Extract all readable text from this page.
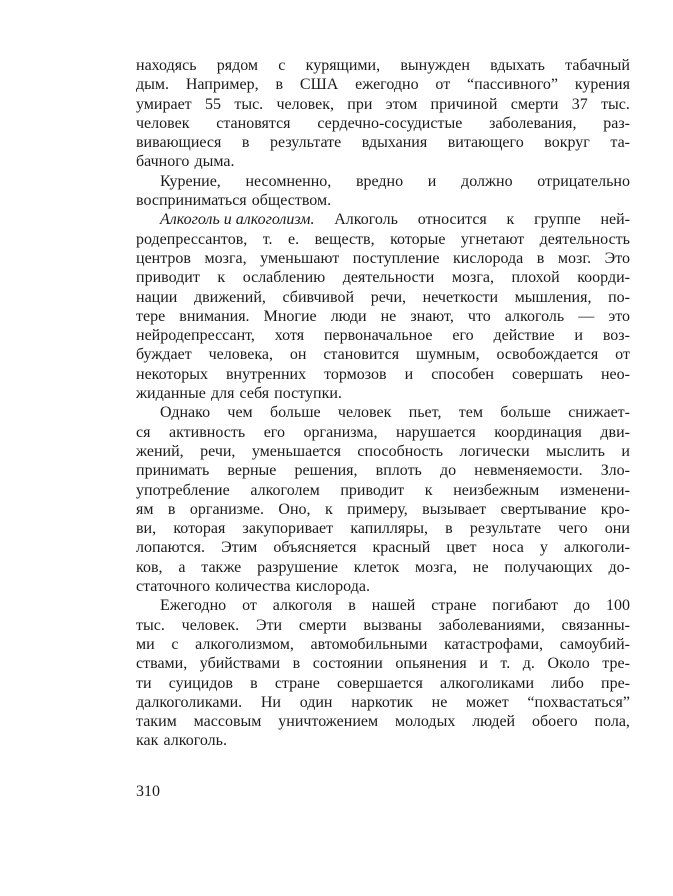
находясь рядом с курящими, вынужден вдыхать табачный
дым. Например, в США ежегодно от “пассивного” курения
умирает 55 тыс. человек, при этом причиной смерти 37 тыс.
человек становятся сердечно-сосудистые заболевания, раз-
вивающиеся в результате вдыхания витающего вокруг та-
бачного дыма.
Курение, несомненно, вредно и должно отрицательно
восприниматься обществом.
Алкоголь и алкоголизм. Алкоголь относится к группе ней-
родепрессантов, т. е. веществ, которые угнетают деятельность
центров мозга, уменьшают поступление кислорода в мозг. Это
приводит к ослаблению деятельности мозга, плохой коорди-
нации движений, сбивчивой речи, нечеткости мышления, по-
тере внимания. Многие люди не знают, что алкоголь — это
нейродепрессант, хотя первоначальное его действие и воз-
буждает человека, он становится шумным, освобождается от
некоторых внутренних тормозов и способен совершать нео-
жиданные для себя поступки.
Однако чем больше человек пьет, тем больше снижает-
ся активность его организма, нарушается координация дви-
жений, речи, уменьшается способность логически мыслить и
принимать верные решения, вплоть до невменяемости. Зло-
употребление алкоголем приводит к неизбежным изменени-
ям в организме. Оно, к примеру, вызывает свертывание кро-
ви, которая закупоривает капилляры, в результате чего они
лопаются. Этим объясняется красный цвет носа у алкоголи-
ков, а также разрушение клеток мозга, не получающих до-
статочного количества кислорода.
Ежегодно от алкоголя в нашей стране погибают до 100
тыс. человек. Эти смерти вызваны заболеваниями, связанны-
ми с алкоголизмом, автомобильными катастрофами, самоубий-
ствами, убийствами в состоянии опьянения и т. д. Около тре-
ти суицидов в стране совершается алкоголиками либо пре-
далкоголиками. Ни один наркотик не может “похвастаться”
таким массовым уничтожением молодых людей обоего пола,
как алкоголь.
310
